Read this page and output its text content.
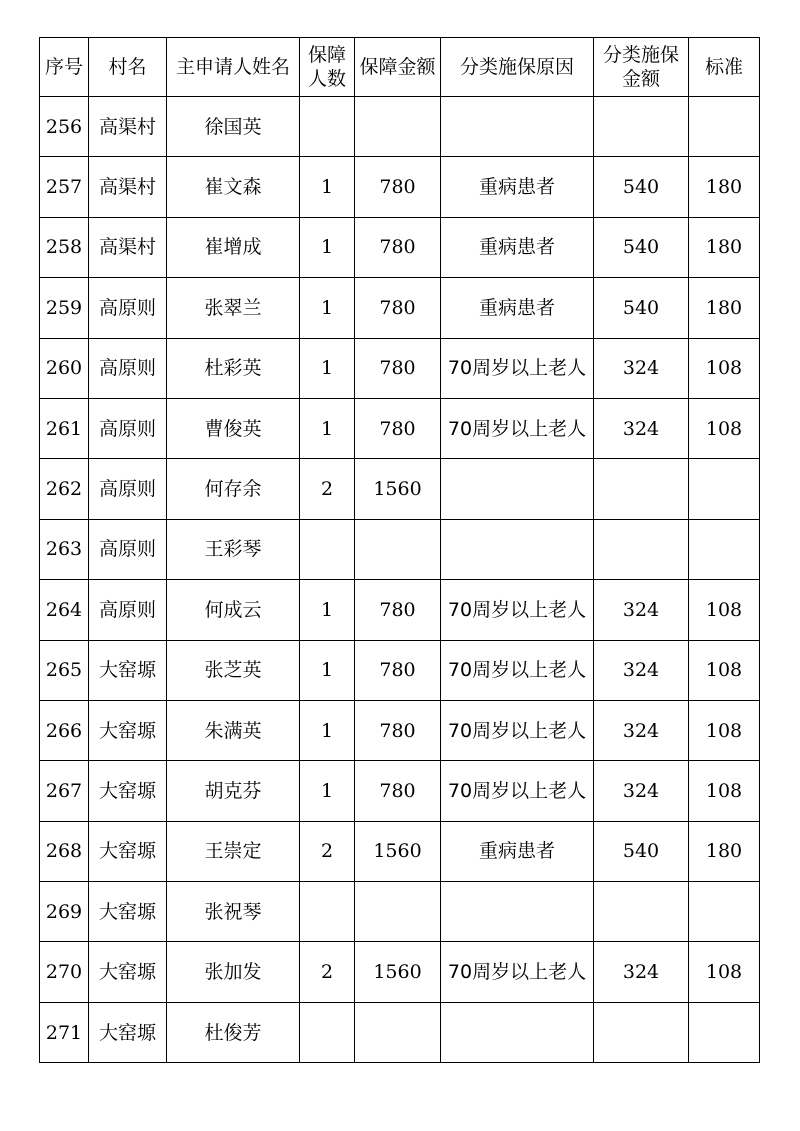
序号	村名	主申请人姓名	保障人数	保障金额	分类施保原因	分类施保金额	标准
256	高渠村	徐国英					
257	高渠村	崔文森	1	780	重病患者	540	180
258	高渠村	崔增成	1	780	重病患者	540	180
259	高原则	张翠兰	1	780	重病患者	540	180
260	高原则	杜彩英	1	780	70周岁以上老人	324	108
261	高原则	曹俊英	1	780	70周岁以上老人	324	108
262	高原则	何存余	2	1560			
263	高原则	王彩琴					
264	高原则	何成云	1	780	70周岁以上老人	324	108
265	大窑塬	张芝英	1	780	70周岁以上老人	324	108
266	大窑塬	朱满英	1	780	70周岁以上老人	324	108
267	大窑塬	胡克芬	1	780	70周岁以上老人	324	108
268	大窑塬	王崇定	2	1560	重病患者	540	180
269	大窑塬	张祝琴					
270	大窑塬	张加发	2	1560	70周岁以上老人	324	108
271	大窑塬	杜俊芳					
